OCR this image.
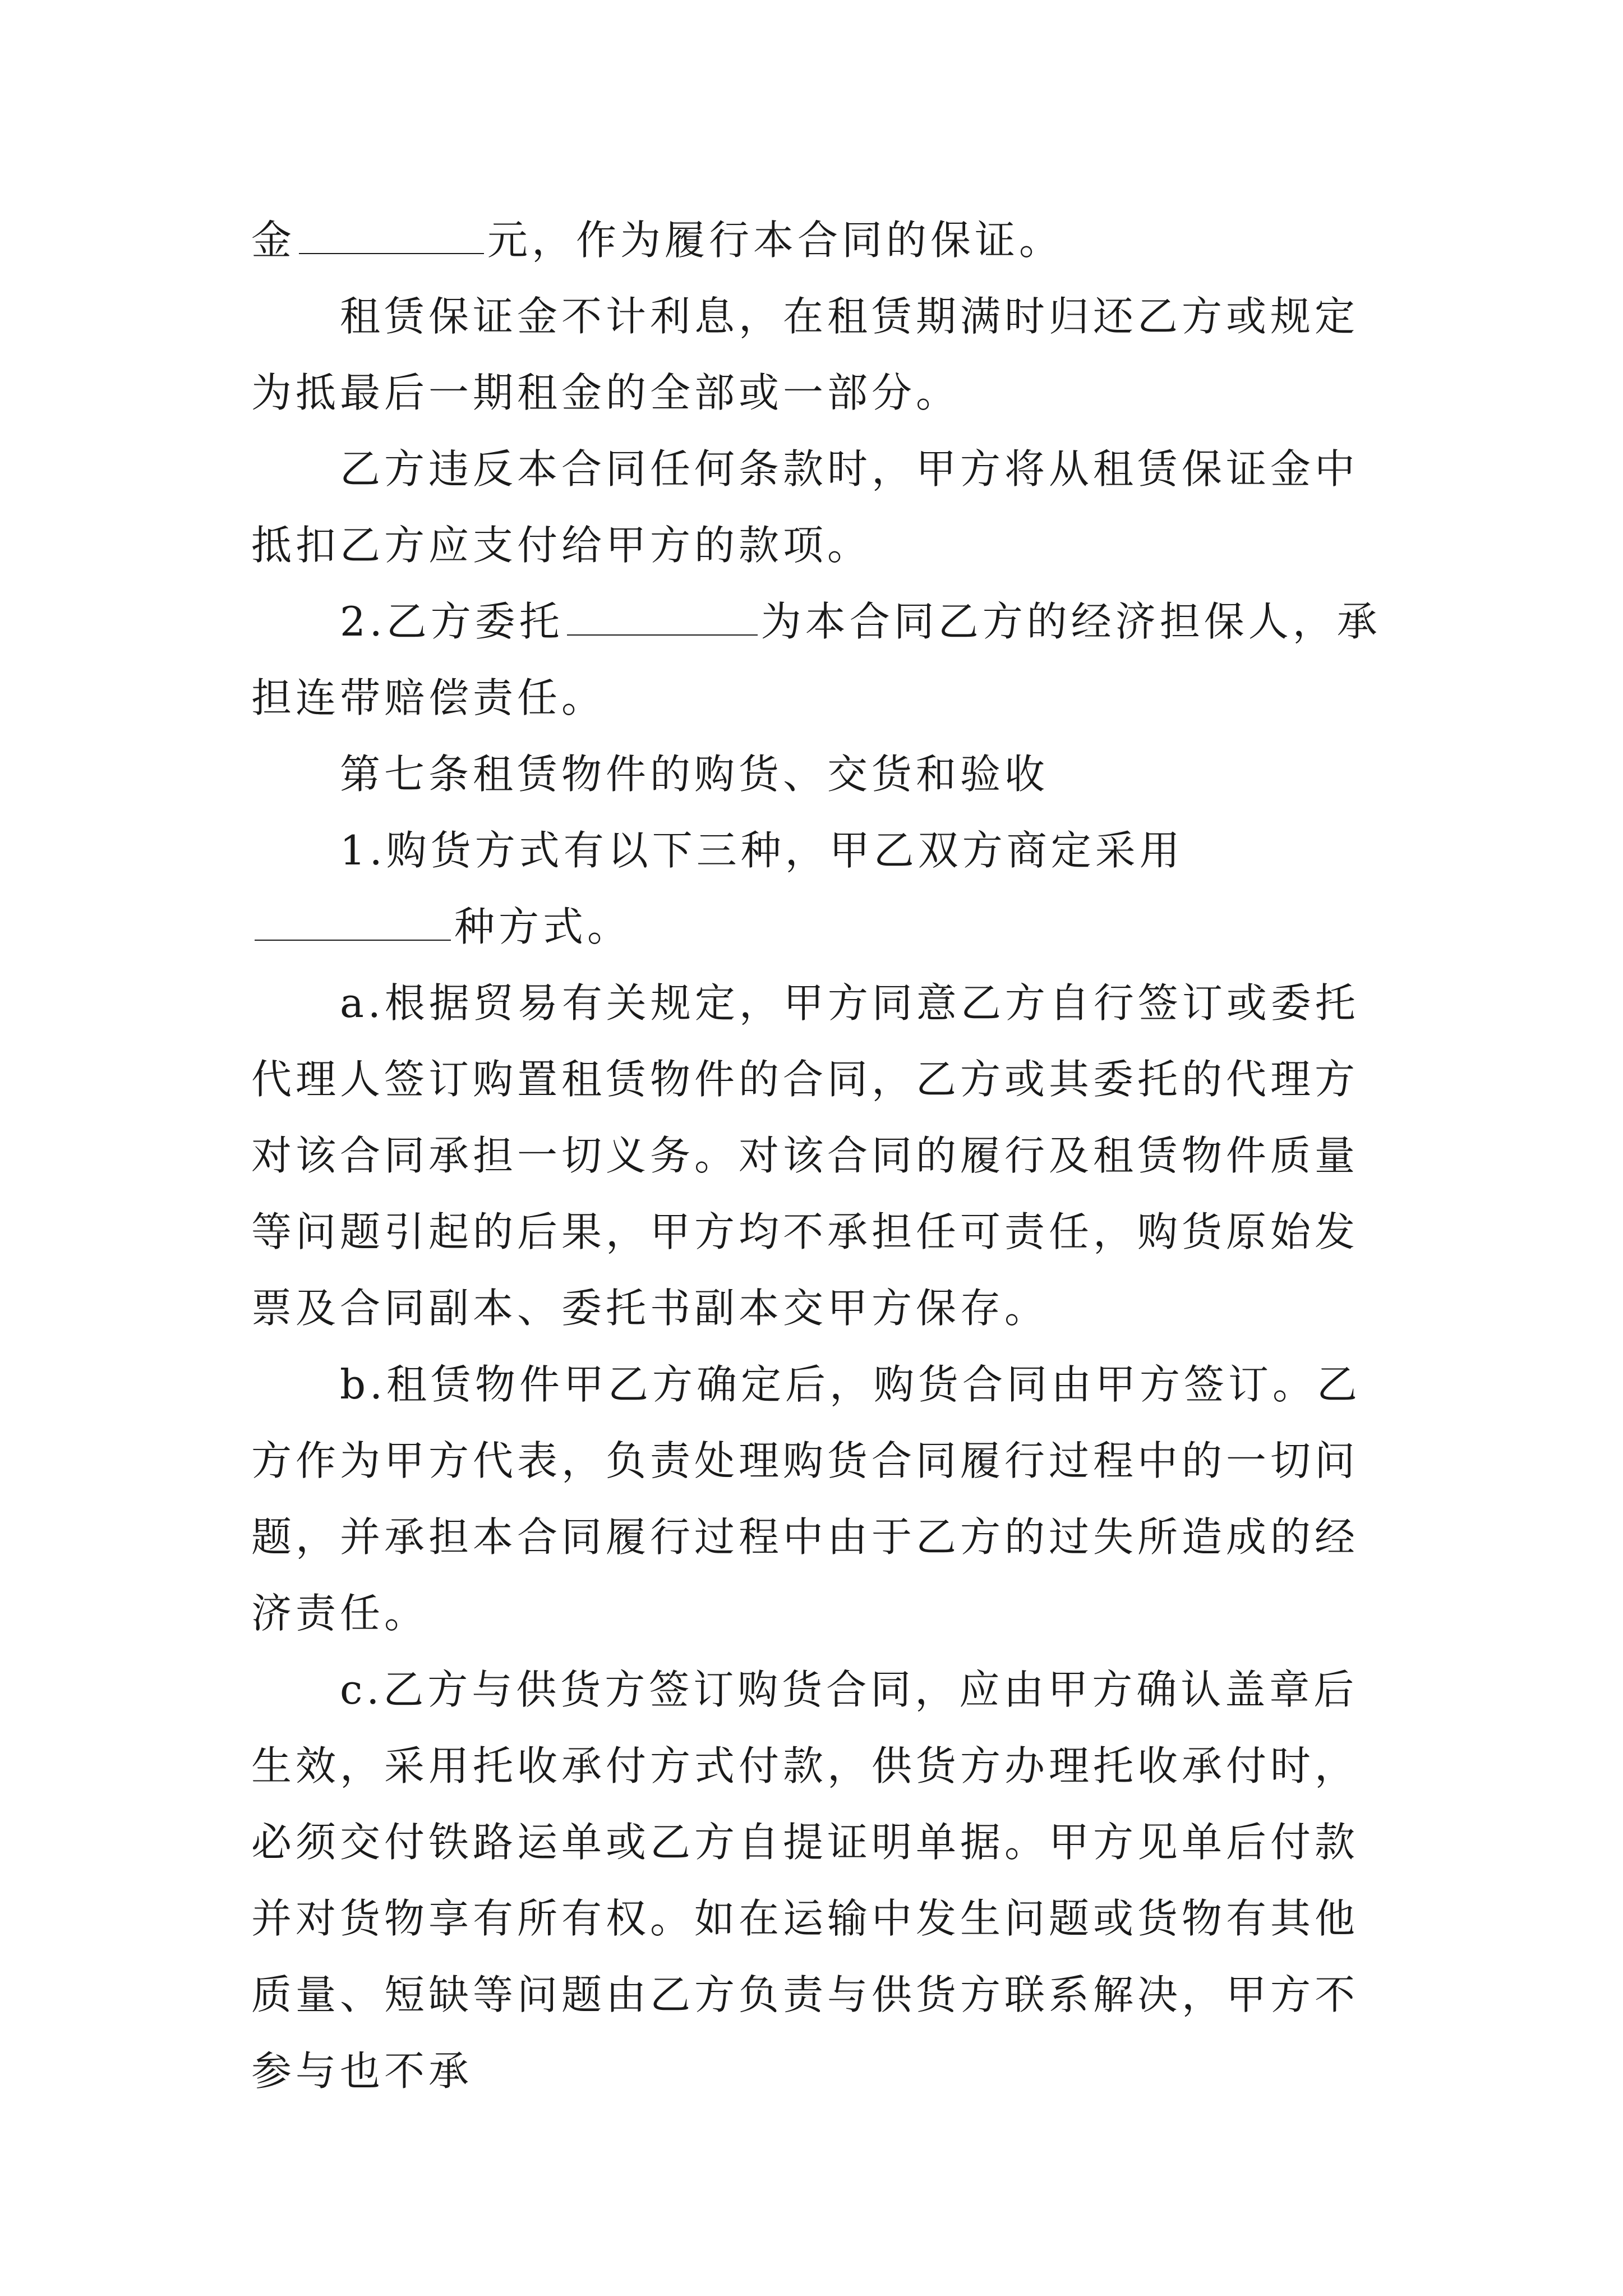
金	元，作为履行本合同的保证。

租赁保证金不计利息，在租赁期满时归还乙方或规定为抵最后一期租金的全部或一部分。

乙方违反本合同任何条款时，甲方将从租赁保证金中抵扣乙方应支付给甲方的款项。

2.乙方委托	为本合同乙方的经济担保人，承担连带赔偿责任。

第七条租赁物件的购货、交货和验收

1.购货方式有以下三种，甲乙双方商定采用种方式。

a.根据贸易有关规定，甲方同意乙方自行签订或委托代理人签订购置租赁物件的合同，乙方或其委托的代理方对该合同承担一切义务。对该合同的履行及租赁物件质量等问题引起的后果，甲方均不承担任可责任，购货原始发票及合同副本、委托书副本交甲方保存。

b.租赁物件甲乙方确定后，购货合同由甲方签订。乙方作为甲方代表，负责处理购货合同履行过程中的一切问题，并承担本合同履行过程中由于乙方的过失所造成的经济责任。

c.乙方与供货方签订购货合同，应由甲方确认盖章后生效，采用托收承付方式付款，供货方办理托收承付时，必须交付铁路运单或乙方自提证明单据。甲方见单后付款并对货物享有所有权。如在运输中发生问题或货物有其他质量、短缺等问题由乙方负责与供货方联系解决，甲方不参与也不承
